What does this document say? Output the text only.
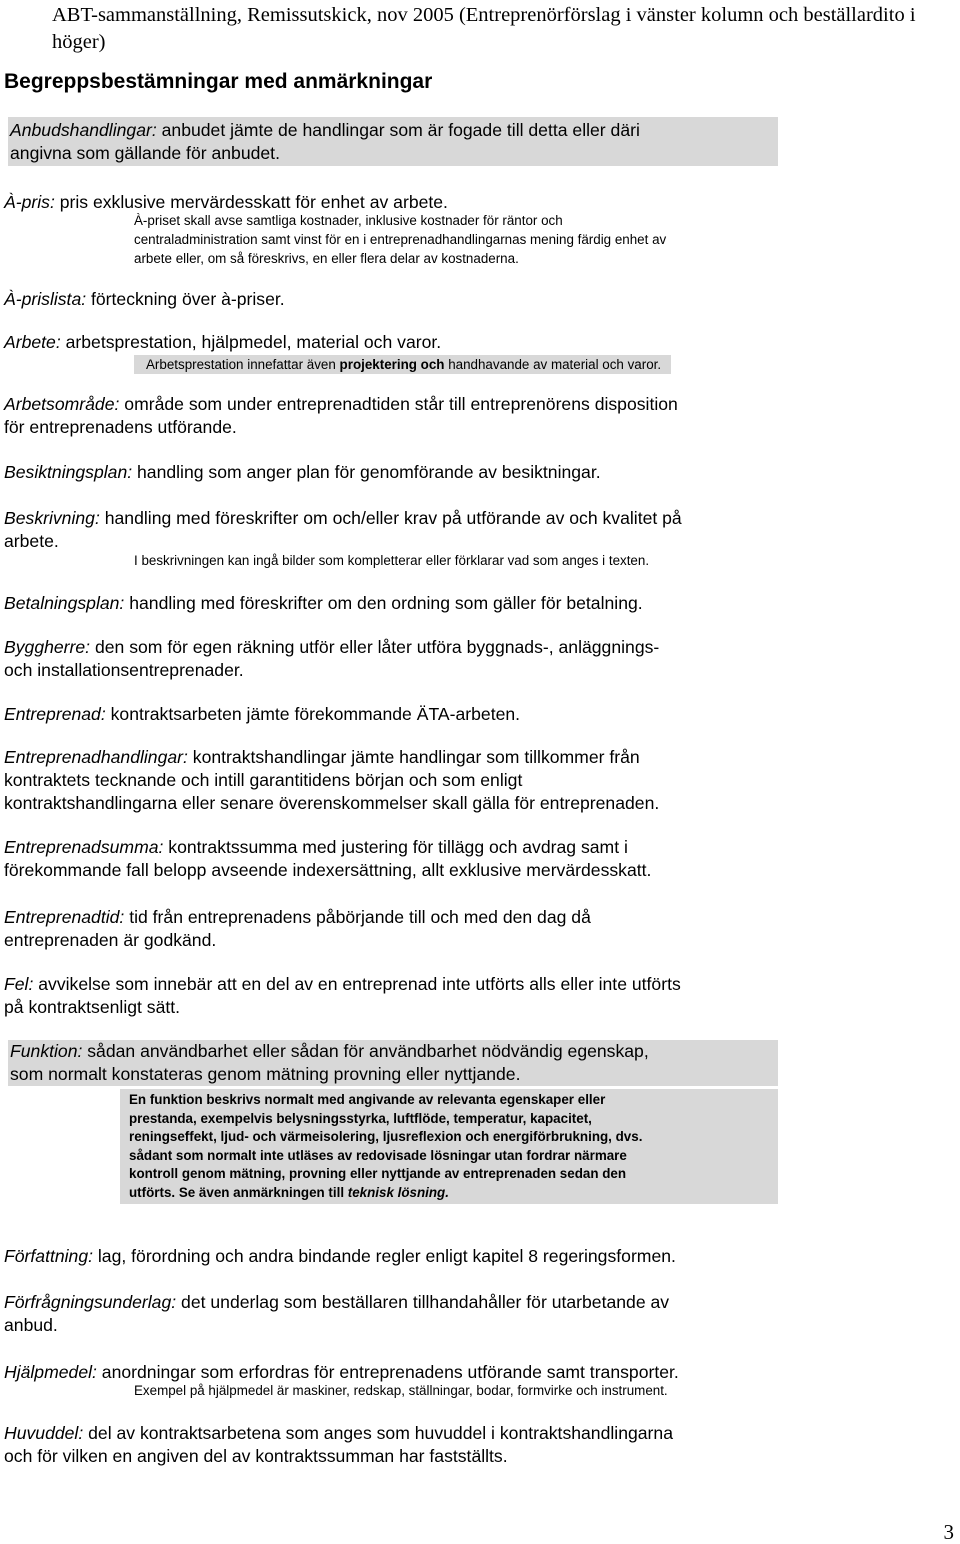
ABT-sammanställning, Remissutskick, nov 2005 (Entreprenörförslag i vänster kolumn och beställardito i höger)
Begreppsbestämningar med anmärkningar
Anbudshandlingar: anbudet jämte de handlingar som är fogade till detta eller däri
angivna som gällande för anbudet.
À-pris: pris exklusive mervärdesskatt för enhet av arbete.
À-priset skall avse samtliga kostnader, inklusive kostnader för räntor och
centraladministration samt vinst för en i entreprenadhandlingarnas mening färdig enhet av
arbete eller, om så föreskrivs, en eller flera delar av kostnaderna.
À-prislista: förteckning över à-priser.
Arbete: arbetsprestation, hjälpmedel, material och varor.
Arbetsprestation innefattar även projektering och handhavande av material och varor.
Arbetsområde: område som under entreprenadtiden står till entreprenörens disposition
för entreprenadens utförande.
Besiktningsplan: handling som anger plan för genomförande av besiktningar.
Beskrivning: handling med föreskrifter om och/eller krav på utförande av och kvalitet på
arbete.
I beskrivningen kan ingå bilder som kompletterar eller förklarar vad som anges i texten.
Betalningsplan: handling med föreskrifter om den ordning som gäller för betalning.
Byggherre: den som för egen räkning utför eller låter utföra byggnads-, anläggnings-
och installationsentreprenader.
Entreprenad: kontraktsarbeten jämte förekommande ÄTA-arbeten.
Entreprenadhandlingar: kontraktshandlingar jämte handlingar som tillkommer från
kontraktets tecknande och intill garantitidens början och som enligt
kontraktshandlingarna eller senare överenskommelser skall gälla för entreprenaden.
Entreprenadsumma: kontraktssumma med justering för tillägg och avdrag samt i
förekommande fall belopp avseende indexersättning, allt exklusive mervärdesskatt.
Entreprenadtid: tid från entreprenadens påbörjande till och med den dag då
entreprenaden är godkänd.
Fel: avvikelse som innebär att en del av en entreprenad inte utförts alls eller inte utförts
på kontraktsenligt sätt.
Funktion: sådan användbarhet eller sådan för användbarhet nödvändig egenskap,
som normalt konstateras genom mätning provning eller nyttjande.
En funktion beskrivs normalt med angivande av relevanta egenskaper eller
prestanda, exempelvis belysningsstyrka, luftflöde, temperatur, kapacitet,
reningseffekt, ljud- och värmeisolering, ljusreflexion och energiförbrukning, dvs.
sådant som normalt inte utläses av redovisade lösningar utan fordrar närmare
kontroll genom mätning, provning eller nyttjande av entreprenaden sedan den
utförts. Se även anmärkningen till teknisk lösning.
Författning: lag, förordning och andra bindande regler enligt kapitel 8 regeringsformen.
Förfrågningsunderlag: det underlag som beställaren tillhandahåller för utarbetande av
anbud.
Hjälpmedel: anordningar som erfordras för entreprenadens utförande samt transporter.
Exempel på hjälpmedel är maskiner, redskap, ställningar, bodar, formvirke och instrument.
Huvuddel: del av kontraktsarbetena som anges som huvuddel i kontraktshandlingarna
och för vilken en angiven del av kontraktssumman har fastställts.
3
